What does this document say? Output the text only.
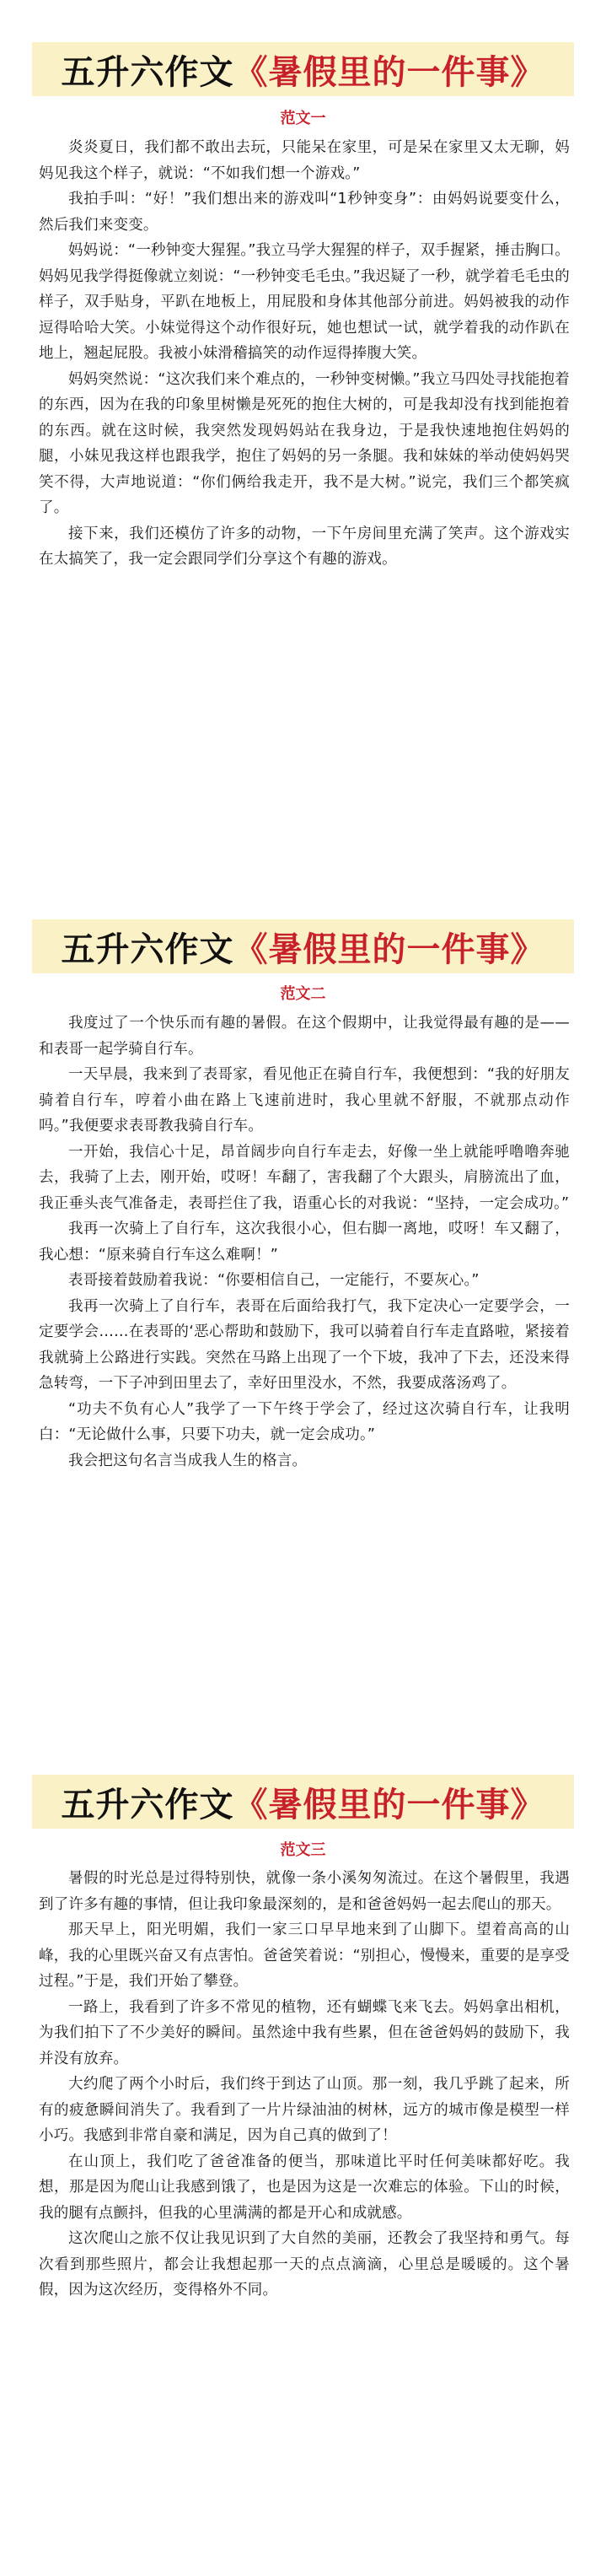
五升六作文 《暑假里的一件事》
范文一

炎炎夏日，我们都不敢出去玩，只能呆在家里，可是呆在家里又太无聊，妈妈见我这个样子，就说：“不如我们想一个游戏。”

我拍手叫：“好！”我们想出来的游戏叫“1秒钟变身”：由妈妈说要变什么，然后我们来变变。

妈妈说：“一秒钟变大猩猩。”我立马学大猩猩的样子，双手握紧，捶击胸口。妈妈见我学得挺像就立刻说：“一秒钟变毛毛虫。”我迟疑了一秒，就学着毛毛虫的样子，双手贴身，平趴在地板上，用屁股和身体其他部分前进。妈妈被我的动作逗得哈哈大笑。小妹觉得这个动作很好玩，她也想试一试，就学着我的动作趴在地上，翘起屁股。我被小妹滑稽搞笑的动作逗得捧腹大笑。

妈妈突然说：“这次我们来个难点的，一秒钟变树懒。”我立马四处寻找能抱着的东西，因为在我的印象里树懒是死死的抱住大树的，可是我却没有找到能抱着的东西。就在这时候，我突然发现妈妈站在我身边，于是我快速地抱住妈妈的腿，小妹见我这样也跟我学，抱住了妈妈的另一条腿。我和妹妹的举动使妈妈哭笑不得，大声地说道：“你们俩给我走开，我不是大树。”说完，我们三个都笑疯了。

接下来，我们还模仿了许多的动物，一下午房间里充满了笑声。这个游戏实在太搞笑了，我一定会跟同学们分享这个有趣的游戏。

五升六作文 《暑假里的一件事》
范文二

我度过了一个快乐而有趣的暑假。在这个假期中，让我觉得最有趣的是——和表哥一起学骑自行车。

一天早晨，我来到了表哥家，看见他正在骑自行车，我便想到：“我的好朋友骑着自行车，哼着小曲在路上飞速前进时，我心里就不舒服，不就那点动作吗。”我便要求表哥教我骑自行车。

一开始，我信心十足，昂首阔步向自行车走去，好像一坐上就能呼噜噜奔驰去，我骑了上去，刚开始，哎呀！车翻了，害我翻了个大跟头，肩膀流出了血，我正垂头丧气准备走，表哥拦住了我，语重心长的对我说：“坚持，一定会成功。”

我再一次骑上了自行车，这次我很小心，但右脚一离地，哎呀！车又翻了，我心想：“原来骑自行车这么难啊！”

表哥接着鼓励着我说：“你要相信自己，一定能行，不要灰心。”

我再一次骑上了自行车，表哥在后面给我打气，我下定决心一定要学会，一定要学会……在表哥的‘恶心帮助和鼓励下，我可以骑着自行车走直路啦，紧接着我就骑上公路进行实践。突然在马路上出现了一个下坡，我冲了下去，还没来得急转弯，一下子冲到田里去了，幸好田里没水，不然，我要成落汤鸡了。

“功夫不负有心人”我学了一下午终于学会了，经过这次骑自行车，让我明白：“无论做什么事，只要下功夫，就一定会成功。”

我会把这句名言当成我人生的格言。

五升六作文 《暑假里的一件事》
范文三

暑假的时光总是过得特别快，就像一条小溪匆匆流过。在这个暑假里，我遇到了许多有趣的事情，但让我印象最深刻的，是和爸爸妈妈一起去爬山的那天。

那天早上，阳光明媚，我们一家三口早早地来到了山脚下。望着高高的山峰，我的心里既兴奋又有点害怕。爸爸笑着说：“别担心，慢慢来，重要的是享受过程。”于是，我们开始了攀登。

一路上，我看到了许多不常见的植物，还有蝴蝶飞来飞去。妈妈拿出相机，为我们拍下了不少美好的瞬间。虽然途中我有些累，但在爸爸妈妈的鼓励下，我并没有放弃。

大约爬了两个小时后，我们终于到达了山顶。那一刻，我几乎跳了起来，所有的疲惫瞬间消失了。我看到了一片片绿油油的树林，远方的城市像是模型一样小巧。我感到非常自豪和满足，因为自己真的做到了！

在山顶上，我们吃了爸爸准备的便当，那味道比平时任何美味都好吃。我想，那是因为爬山让我感到饿了，也是因为这是一次难忘的体验。下山的时候，我的腿有点颤抖，但我的心里满满的都是开心和成就感。

这次爬山之旅不仅让我见识到了大自然的美丽，还教会了我坚持和勇气。每次看到那些照片，都会让我想起那一天的点点滴滴，心里总是暖暖的。这个暑假，因为这次经历，变得格外不同。
